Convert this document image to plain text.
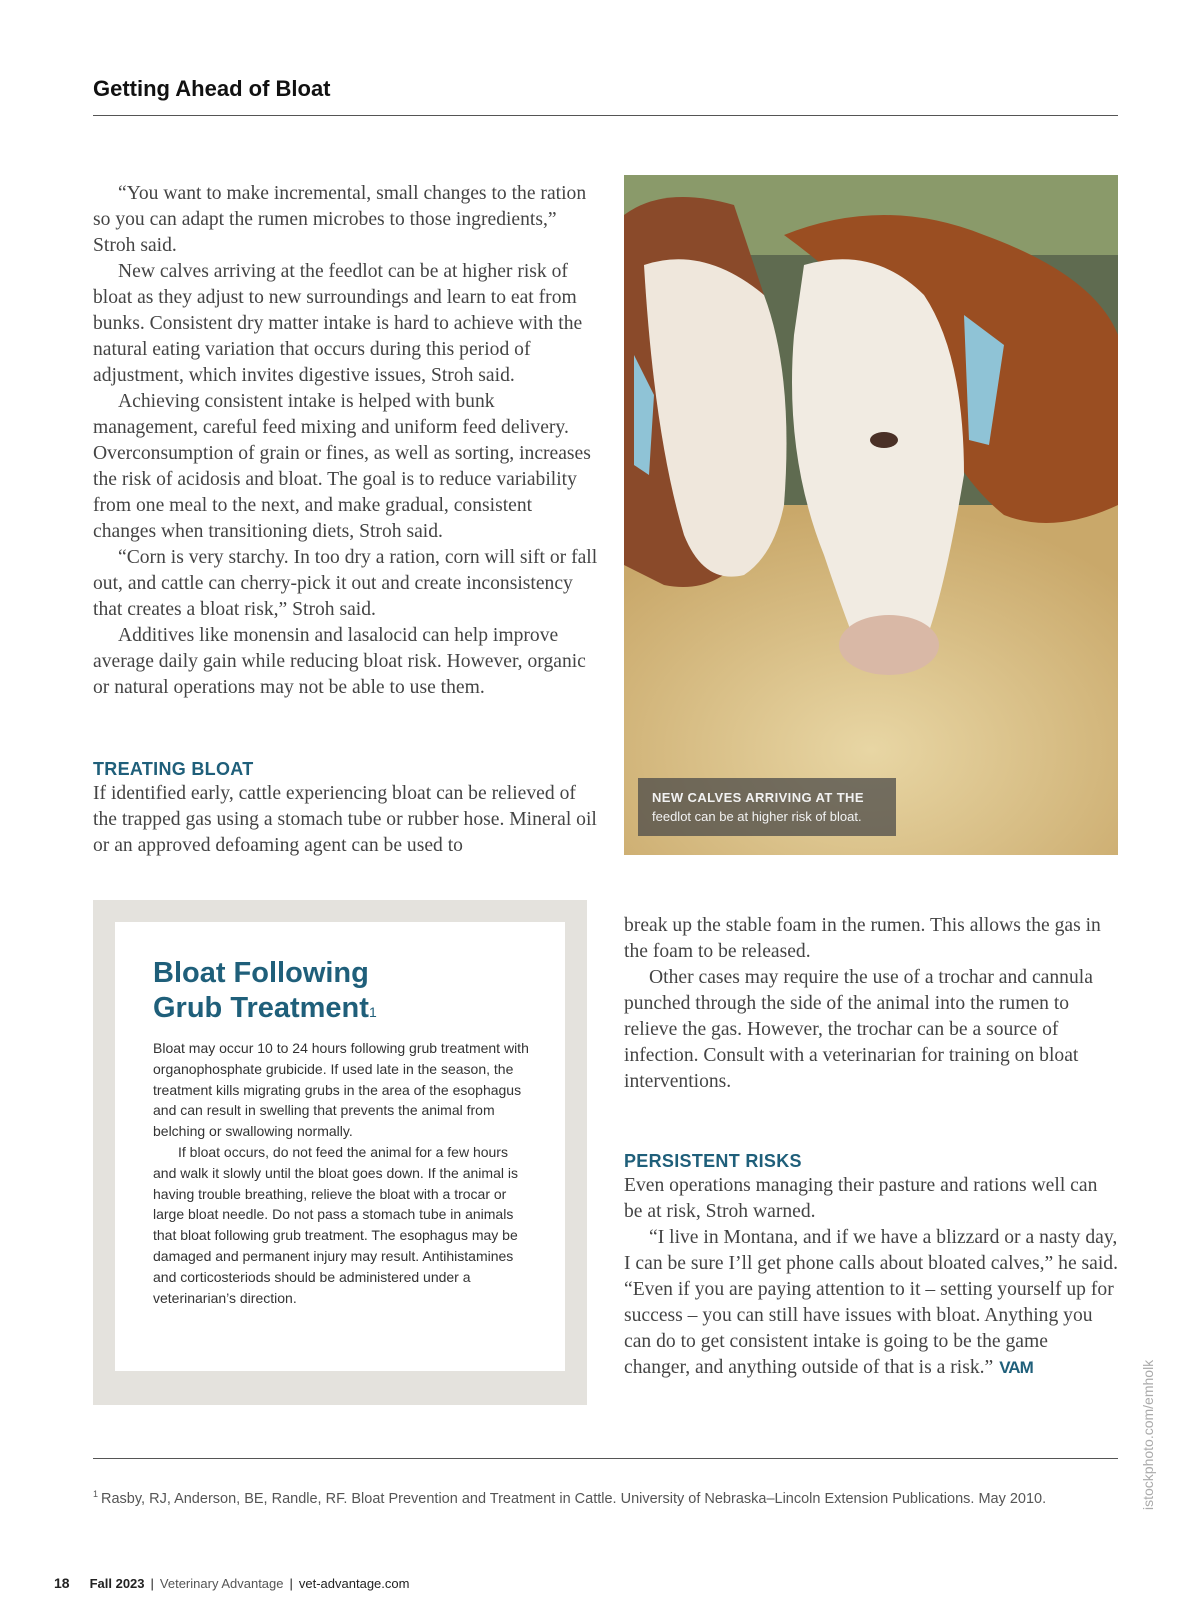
Getting Ahead of Bloat

“You want to make incremental, small changes to the ration so you can adapt the rumen microbes to those ingredients,” Stroh said.

New calves arriving at the feedlot can be at higher risk of bloat as they adjust to new surroundings and learn to eat from bunks. Consistent dry matter intake is hard to achieve with the natural eating variation that occurs during this period of adjustment, which invites digestive issues, Stroh said.

Achieving consistent intake is helped with bunk management, careful feed mixing and uniform feed delivery. Overconsumption of grain or fines, as well as sorting, increases the risk of acidosis and bloat. The goal is to reduce variability from one meal to the next, and make gradual, consistent changes when transitioning diets, Stroh said.

“Corn is very starchy. In too dry a ration, corn will sift or fall out, and cattle can cherry-pick it out and create inconsistency that creates a bloat risk,” Stroh said.

Additives like monensin and lasalocid can help improve average daily gain while reducing bloat risk. However, organic or natural operations may not be able to use them.

TREATING BLOAT

If identified early, cattle experiencing bloat can be relieved of the trapped gas using a stomach tube or rubber hose. Mineral oil or an approved defoaming agent can be used to

NEW CALVES ARRIVING AT THE
feedlot can be at higher risk of bloat.
Bloat Following
Grub Treatment$^1$

Bloat may occur 10 to 24 hours following grub treatment with organophosphate grubicide. If used late in the season, the treatment kills migrating grubs in the area of the esophagus and can result in swelling that prevents the animal from belching or swallowing normally.

If bloat occurs, do not feed the animal for a few hours and walk it slowly until the bloat goes down. If the animal is having trouble breathing, relieve the bloat with a trocar or large bloat needle. Do not pass a stomach tube in animals that bloat following grub treatment. The esophagus may be damaged and permanent injury may result. Antihistamines and corticosteriods should be administered under a veterinarian’s direction.

break up the stable foam in the rumen. This allows the gas in the foam to be released.

Other cases may require the use of a trochar and cannula punched through the side of the animal into the rumen to relieve the gas. However, the trochar can be a source of infection. Consult with a veterinarian for training on bloat interventions.

PERSISTENT RISKS

Even operations managing their pasture and rations well can be at risk, Stroh warned.

“I live in Montana, and if we have a blizzard or a nasty day, I can be sure I’ll get phone calls about bloated calves,” he said. “Even if you are paying attention to it – setting yourself up for success – you can still have issues with bloat. Anything you can do to get consistent intake is going to be the game changer, and anything outside of that is a risk.” VAM	istockphoto.com/emholk
$^1$ Rasby, RJ, Anderson, BE, Randle, RF. Bloat Prevention and Treatment in Cattle. University of Nebraska–Lincoln Extension Publications. May 2010.
18 Fall 2023 | Veterinary Advantage | vet-advantage.com
